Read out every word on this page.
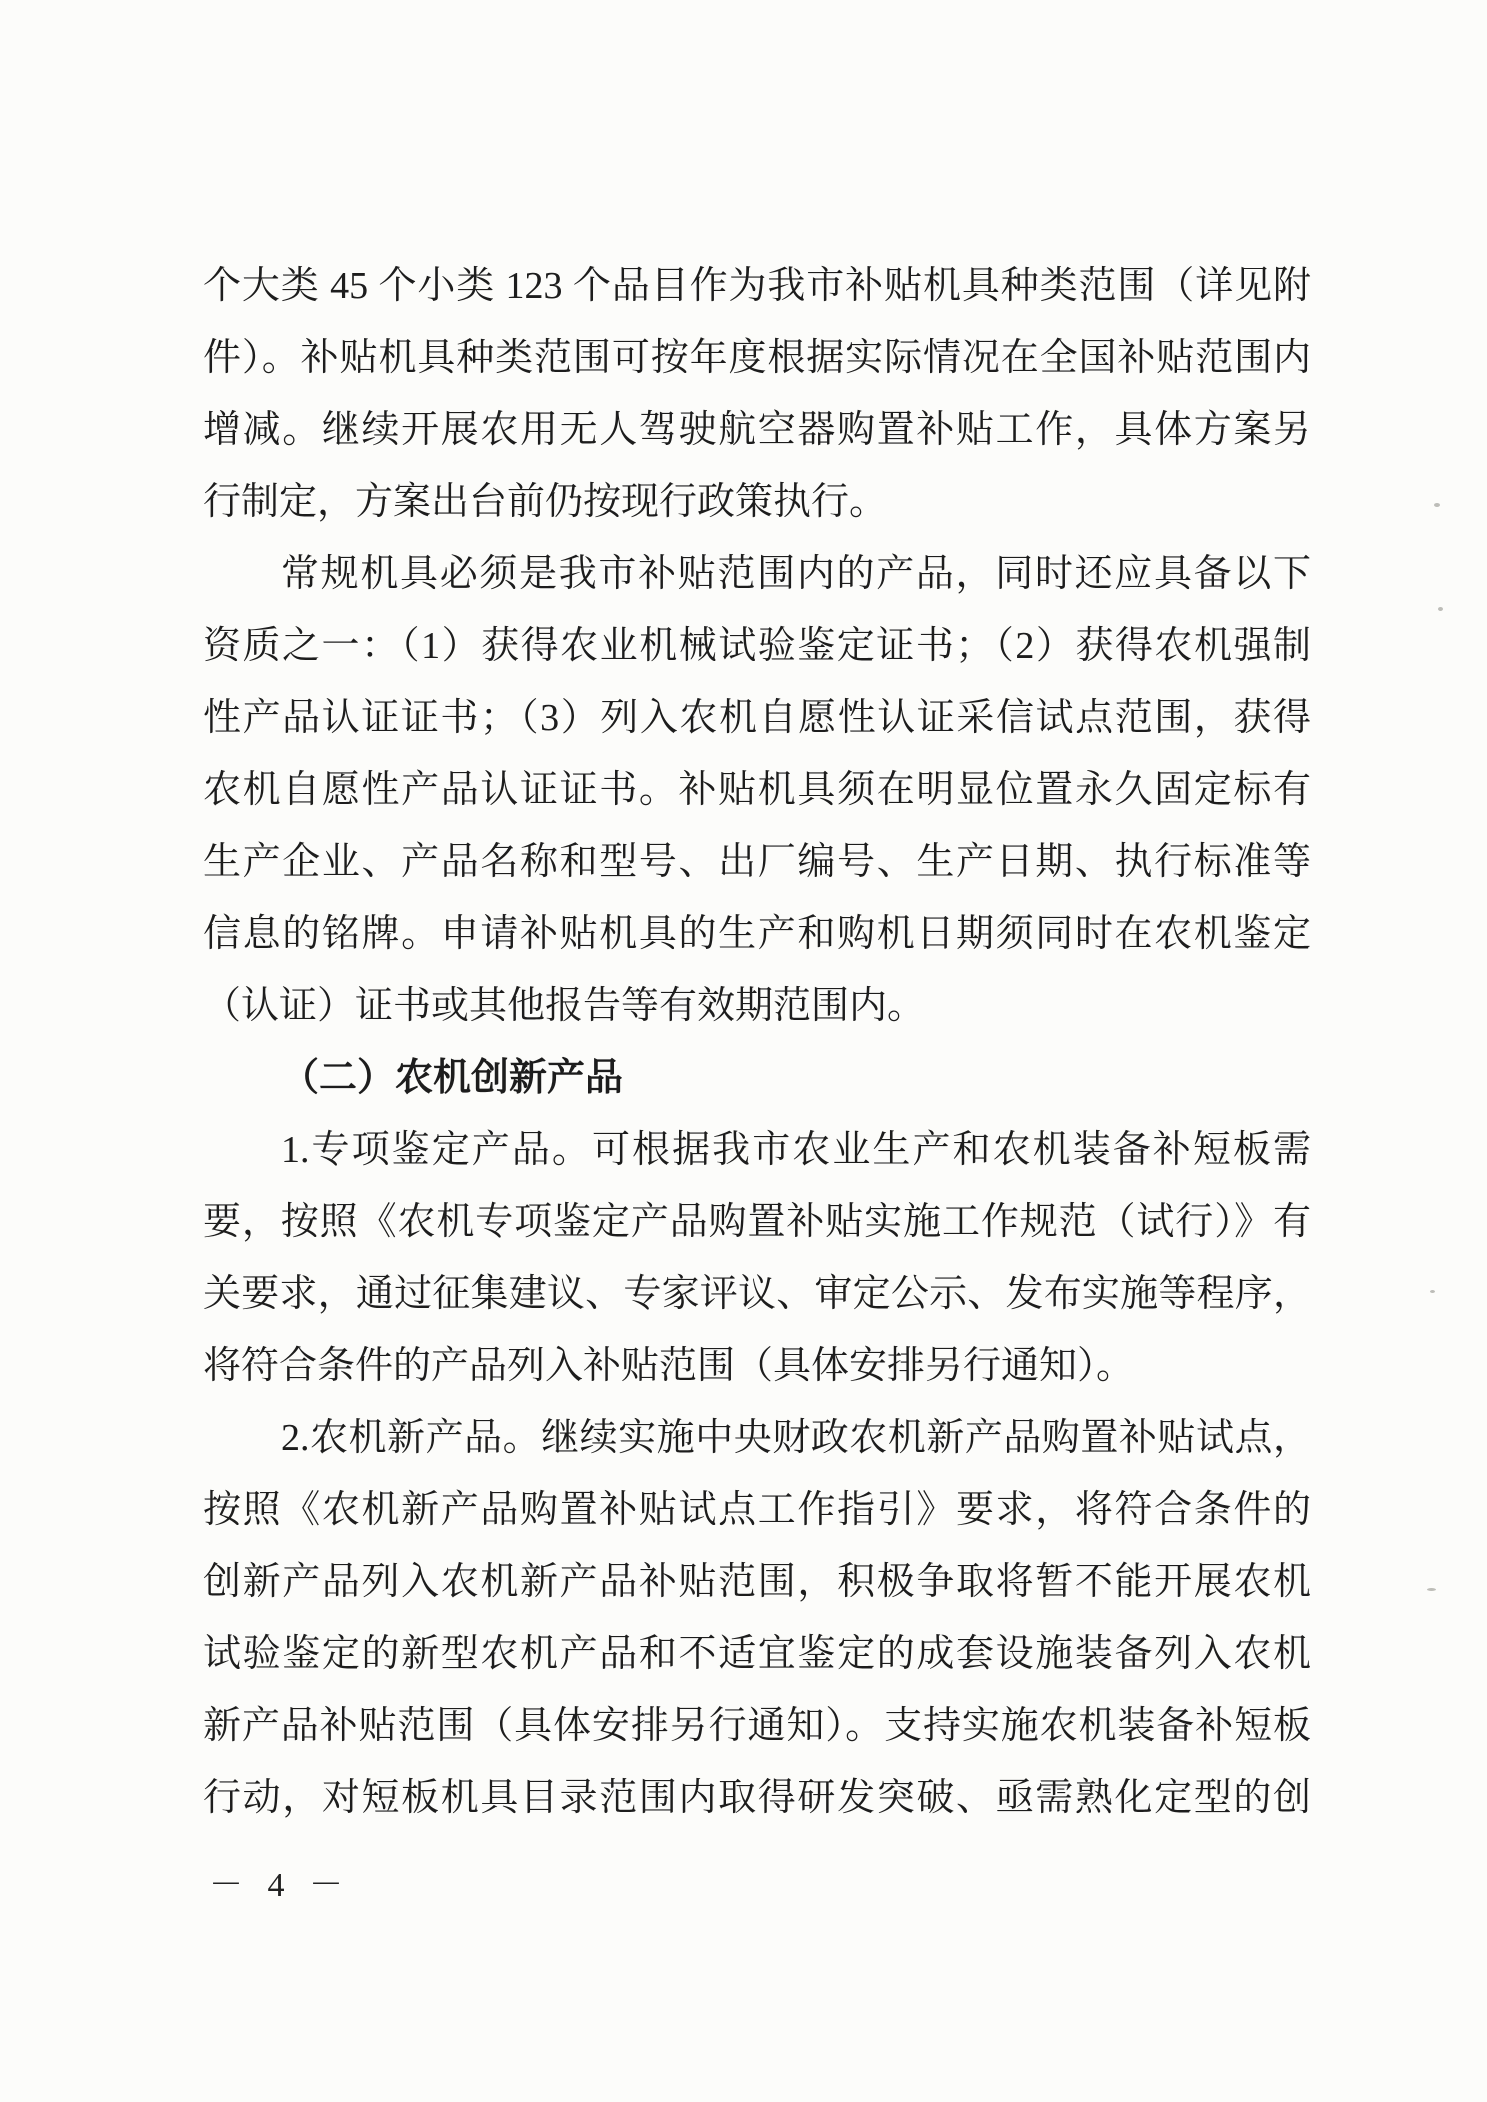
个大类 45 个小类 123 个品目作为我市补贴机具种类范围（详见附
件）。补贴机具种类范围可按年度根据实际情况在全国补贴范围内
增减。继续开展农用无人驾驶航空器购置补贴工作，具体方案另
行制定，方案出台前仍按现行政策执行。
常规机具必须是我市补贴范围内的产品，同时还应具备以下
资质之一：（1）获得农业机械试验鉴定证书；（2）获得农机强制
性产品认证证书；（3）列入农机自愿性认证采信试点范围，获得
农机自愿性产品认证证书。补贴机具须在明显位置永久固定标有
生产企业、产品名称和型号、出厂编号、生产日期、执行标准等
信息的铭牌。申请补贴机具的生产和购机日期须同时在农机鉴定
（认证）证书或其他报告等有效期范围内。
（二）农机创新产品
1.专项鉴定产品。可根据我市农业生产和农机装备补短板需
要，按照《农机专项鉴定产品购置补贴实施工作规范（试行）》有
关要求，通过征集建议、专家评议、审定公示、发布实施等程序，
将符合条件的产品列入补贴范围（具体安排另行通知）。
2.农机新产品。继续实施中央财政农机新产品购置补贴试点，
按照《农机新产品购置补贴试点工作指引》要求，将符合条件的
创新产品列入农机新产品补贴范围，积极争取将暂不能开展农机
试验鉴定的新型农机产品和不适宜鉴定的成套设施装备列入农机
新产品补贴范围（具体安排另行通知）。支持实施农机装备补短板
行动，对短板机具目录范围内取得研发突破、亟需熟化定型的创
－ 4 －
